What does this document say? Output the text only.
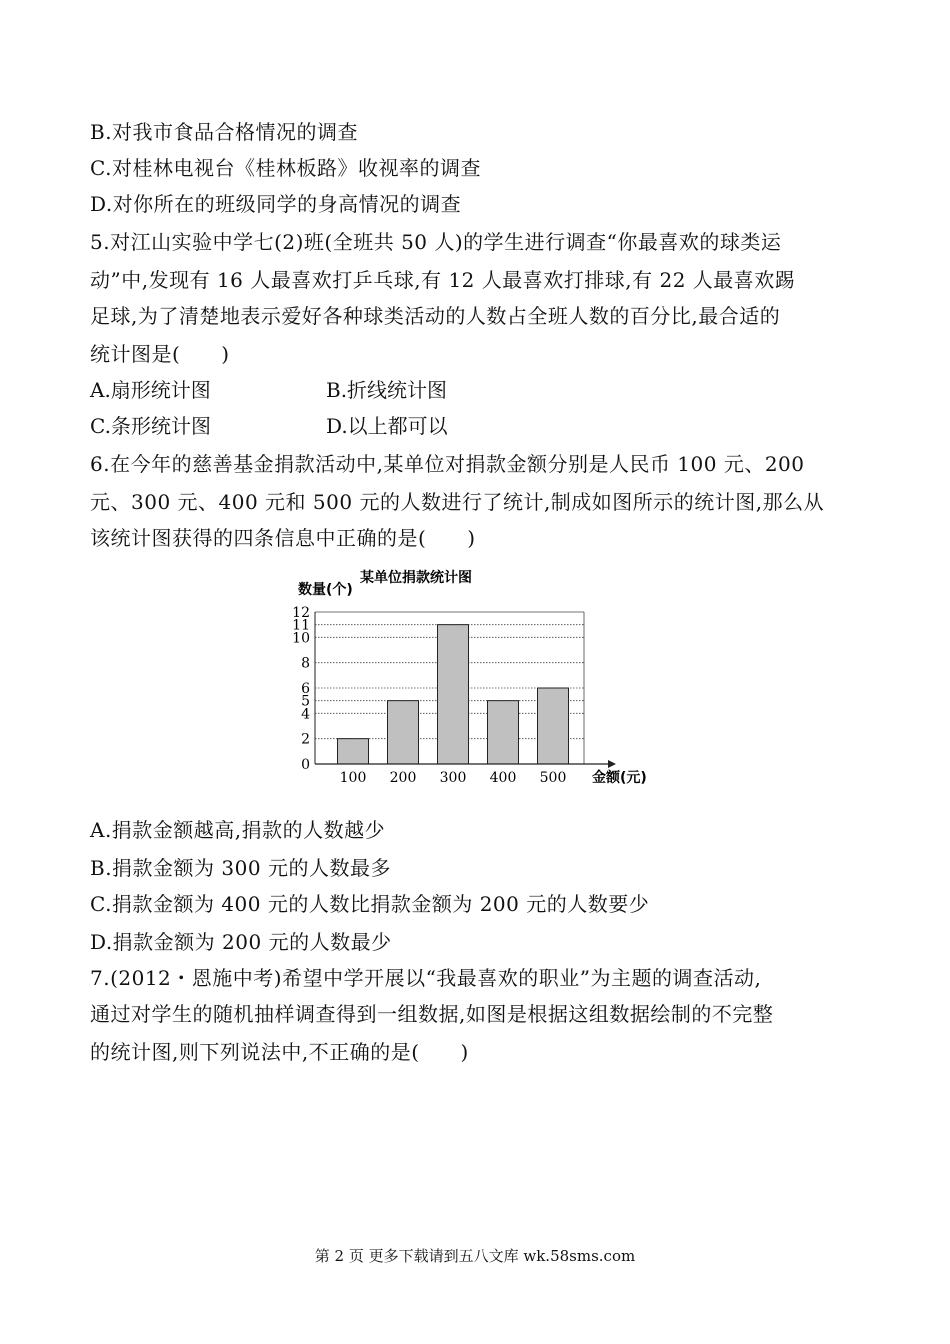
B.对我市食品合格情况的调查
C.对桂林电视台《桂林板路》收视率的调查
D.对你所在的班级同学的身高情况的调查
5.对江山实验中学七(2)班(全班共 50 人)的学生进行调查“你最喜欢的球类运
动”中,发现有 16 人最喜欢打乒乓球,有 12 人最喜欢打排球,有 22 人最喜欢踢
足球,为了清楚地表示爱好各种球类活动的人数占全班人数的百分比,最合适的
统计图是(　　)
A.扇形统计图	B.折线统计图
C.条形统计图	D.以上都可以
6.在今年的慈善基金捐款活动中,某单位对捐款金额分别是人民币 100 元、200
元、300 元、400 元和 500 元的人数进行了统计,制成如图所示的统计图,那么从
该统计图获得的四条信息中正确的是(　　)
某单位捐款统计图
数量(个)
0
2
4
5
6
8
10
11
12
100 200 300 400 500 金额(元)
A.捐款金额越高,捐款的人数越少
B.捐款金额为 300 元的人数最多
C.捐款金额为 400 元的人数比捐款金额为 200 元的人数要少
D.捐款金额为 200 元的人数最少
7.(2012・恩施中考)希望中学开展以“我最喜欢的职业”为主题的调查活动,
通过对学生的随机抽样调查得到一组数据,如图是根据这组数据绘制的不完整
的统计图,则下列说法中,不正确的是(　　)
第 2 页 更多下载请到五八文库 wk.58sms.com
